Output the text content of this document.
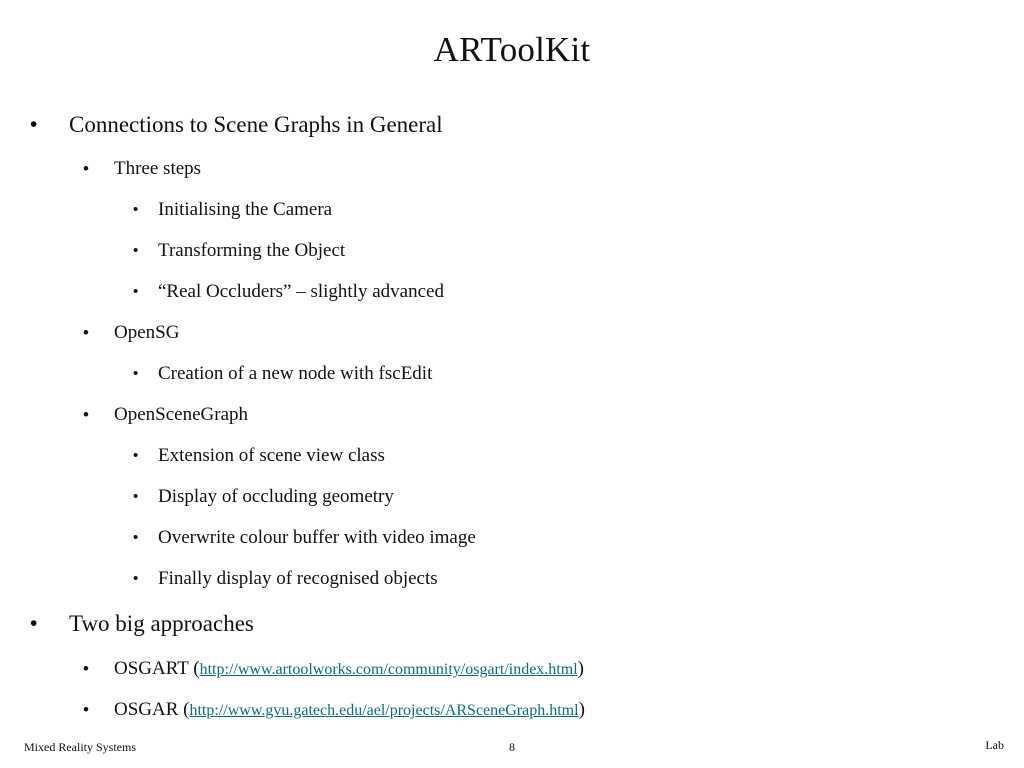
ARToolKit
• Connections to Scene Graphs in General
• Three steps
• Initialising the Camera
• Transforming the Object
• “Real Occluders” – slightly advanced
• OpenSG
• Creation of a new node with fscEdit
• OpenSceneGraph
• Extension of scene view class
• Display of occluding geometry
• Overwrite colour buffer with video image
• Finally display of recognised objects
• Two big approaches
• OSGART (http://www.artoolworks.com/community/osgart/index.html)
• OSGAR (http://www.gvu.gatech.edu/ael/projects/ARSceneGraph.html)
Mixed Reality Systems	8	Lab
